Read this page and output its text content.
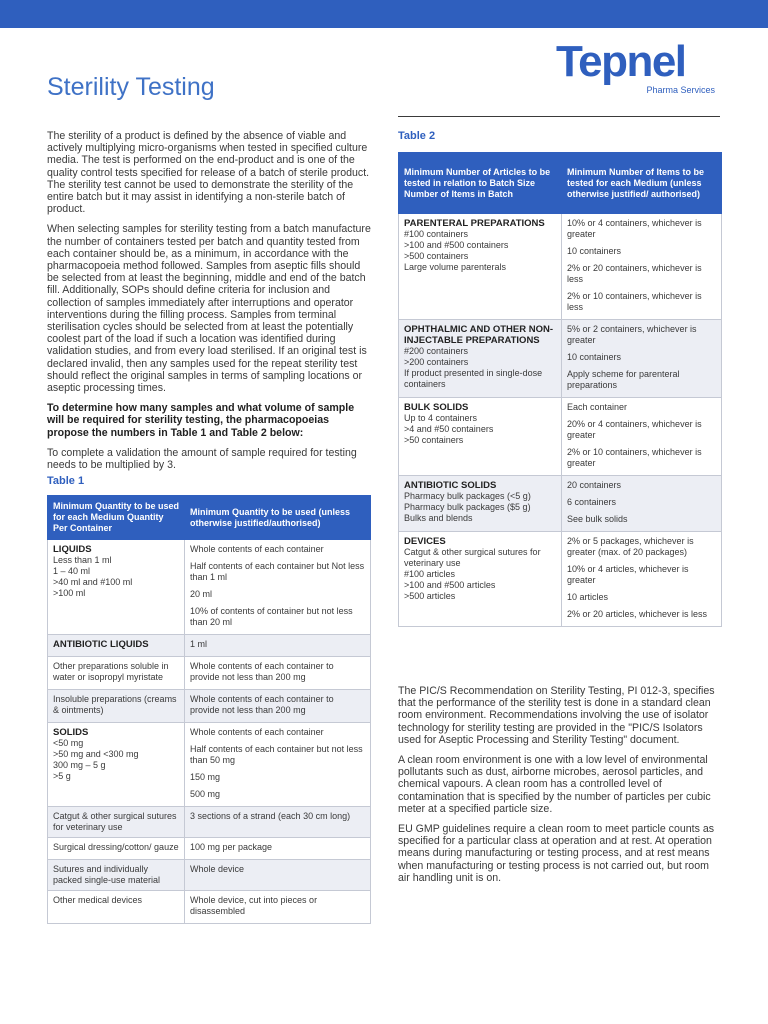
Sterility Testing
Tepnel
Pharma Services

The sterility of a product is defined by the absence of viable and actively multiplying micro-organisms when tested in specified culture media. The test is performed on the end-product and is one of the quality control tests specified for release of a batch of sterile product. The sterility test cannot be used to demonstrate the sterility of the entire batch but it may assist in identifying a non-sterile batch of product.

When selecting samples for sterility testing from a batch manufacture the number of containers tested per batch and quantity tested from each container should be, as a minimum, in accordance with the pharmacopoeia method followed. Samples from aseptic fills should be selected from at least the beginning, middle and end of the batch fill. Additionally, SOPs should define criteria for inclusion and collection of samples immediately after interruptions and operator interventions during the filling process. Samples from terminal sterilisation cycles should be selected from at least the potentially coolest part of the load if such a location was identified during validation studies, and from every load sterilised. If an original test is declared invalid, then any samples used for the repeat sterility test should reflect the original samples in terms of sampling locations or aseptic processing times.

To determine how many samples and what volume of sample will be required for sterility testing, the pharmacopoeias propose the numbers in Table 1 and Table 2 below:

To complete a validation the amount of sample required for testing needs to be multiplied by 3.

Table 1
Minimum Quantity to be used for each Medium Quantity Per Container	Minimum Quantity to be used (unless otherwise justified/authorised)

LIQUIDS
Less than 1 ml
1 – 40 ml
>40 ml and #100 ml
>100 ml	Whole contents of each container
Half contents of each container but Not less than 1 ml
20 ml
10% of contents of container but not less than 20 ml

ANTIBIOTIC LIQUIDS	1 ml

Other preparations soluble in water or isopropyl myristate	Whole contents of each container to provide not less than 200 mg

Insoluble preparations (creams & ointments)	Whole contents of each container to provide not less than 200 mg

SOLIDS
<50 mg
>50 mg and <300 mg
300 mg – 5 g
>5 g	Whole contents of each container
Half contents of each container but not less than 50 mg
150 mg
500 mg

Catgut & other surgical sutures for veterinary use	3 sections of a strand (each 30 cm long)

Surgical dressing/cotton/ gauze	100 mg per package

Sutures and individually packed single-use material	Whole device

Other medical devices	Whole device, cut into pieces or disassembled
Table 2
Minimum Number of Articles to be tested in relation to Batch Size Number of Items in Batch	Minimum Number of Items to be tested for each Medium (unless otherwise justified/ authorised)

PARENTERAL PREPARATIONS
#100 containers
>100 and #500 containers
>500 containers
Large volume parenterals	10% or 4 containers, whichever is greater
10 containers
2% or 20 containers, whichever is less
2% or 10 containers, whichever is less

OPHTHALMIC AND OTHER NON-INJECTABLE PREPARATIONS
#200 containers
>200 containers
If product presented in single-dose containers	5% or 2 containers, whichever is greater
10 containers
Apply scheme for parenteral preparations

BULK SOLIDS
Up to 4 containers
>4 and #50 containers
>50 containers	Each container
20% or 4 containers, whichever is greater
2% or 10 containers, whichever is greater

ANTIBIOTIC SOLIDS
Pharmacy bulk packages (<5 g)
Pharmacy bulk packages ($5 g)
Bulks and blends	20 containers
6 containers
See bulk solids

DEVICES
Catgut & other surgical sutures for veterinary use
#100 articles
>100 and #500 articles
>500 articles	2% or 5 packages, whichever is greater (max. of 20 packages)
10% or 4 articles, whichever is greater
10 articles
2% or 20 articles, whichever is less

The PIC/S Recommendation on Sterility Testing, PI 012-3, specifies that the performance of the sterility test is done in a standard clean room environment. Recommendations involving the use of isolator technology for sterility testing are provided in the "PIC/S Isolators used for Aseptic Processing and Sterility Testing" document.

A clean room environment is one with a low level of environmental pollutants such as dust, airborne microbes, aerosol particles, and chemical vapours. A clean room has a controlled level of contamination that is specified by the number of particles per cubic meter at a specified particle size.

EU GMP guidelines require a clean room to meet particle counts as specified for a particular class at operation and at rest. At operation means during manufacturing or testing process, and at rest means when manufacturing or testing process is not carried out, but room air handling unit is on.
